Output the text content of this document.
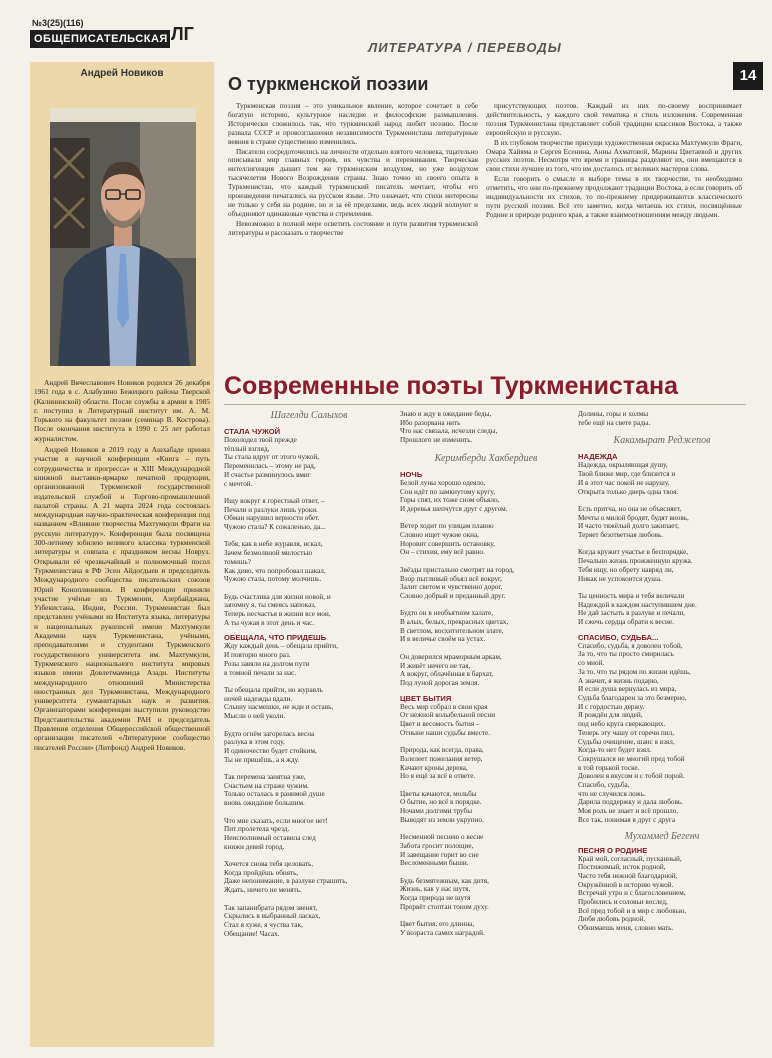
№3(25)(116)
ОБЩЕПИСАТЕЛЬСКАЯ ЛГ
ЛИТЕРАТУРА / ПЕРЕВОДЫ
14
Андрей Новиков

Андрей Вячеславович Новиков родился 26 декабря 1961 года в с. Алабузино Бежецкого района Тверской (Калининской) области. После службы в армии в 1985 г. поступил в Литературный институт им. А. М. Горького на факультет поэзии (семинар В. Кострова). После окончания института в 1990 г. 25 лет работал журналистом.

Андрей Новиков в 2019 году в Ашхабаде принял участие в научной конференции «Книга – путь сотрудничества и прогресса» и XIII Международной книжной выставки-ярмарке печатной продукции, организованной Туркменской государственной издательской службой и Торгово-промышленной палатой страны. А 21 марта 2024 года состоялась международная научно-практическая конференция под названием «Влияние творчества Махтумкули Фраги на русскую литературу». Конференция была посвящена 300-летнему юбилею великого классика туркменской литературы и совпала с праздником весны Новруз. Открывали её чрезвычайный и полномочный посол Туркменистана в РФ Эсен Айдогдыев и председатель Международного сообщества писательских союзов Юрий Коноплянников. В конференции приняли участие учёные из Туркмении, Азербайджана, Узбекистана, Индии, России. Туркменистан был представлен учёными из Института языка, литературы и национальных рукописей имени Махтумкули Академии наук Туркменистана, учёными, преподавателями и студентами Туркменского государственного университета им. Махтумкули, Туркменского национального института мировых языков имени Довлетмаммеда Азади. Институты международного отношений Министерства иностранных дел Туркменистана, Международного университета гуманитарных наук и развития. Организаторами конференции выступили руководство Представительства академии РАН и председатель Правления отделения Общероссийской общественной организации писателей «Литературное сообщество писателей России» (Литфонд) Андрей Новиков.

О туркменской поэзии

Туркменская поэзия – это уникальное явление, которое сочетает в себе богатую историю, культурное наследие и философские размышления. Исторически сложилось так, что туркменский народ любит поэзию. После развала СССР и провозглашения независимости Туркменистана литературные веяния в стране существенно изменились.

Писатели сосредоточились на личности отдельно взятого человека, тщательно описывали мир главных героев, их чувства и переживания. Творческая интеллигенция дышит тем же туркменским воздухом, но уже воздухом тысячелетия Нового Возрождения страны. Знаю точно из своего опыта в Туркменистан, что каждый туркменский писатель мечтает, чтобы его произведения печатались на русском языке. Это означает, что стихи интересны не только у себя на родине, но и за её пределами, ведь всех людей волнуют и объединяют одинаковые чувства и стремления.

Невозможно в полной мере осветить состояние и пути развития туркменской литературы и рассказать о творчестве

присутствующих поэтов. Каждый из них по-своему воспринимает действительность, у каждого свой тематика и стиль изложения. Современная поэзия Туркменистана представляет собой традиции классиков Востока, а также европейскую и русскую.

В их глубоком творчестве присущи художественная окраска Махтумкули Фраги, Омара Хайяма и Сергея Есенина, Анны Ахматовой, Марины Цветаевой и других русских поэтов. Несмотря что время и границы разделяют их, они вмещаются в свои стихи лучшее из того, что им досталось от великих мастеров слова.

Если говорить о смысле и выборе темы в их творчестве, то необходимо отметить, что они по-прежнему продолжают традиции Востока, а если говорить об индивидуальности их стихов, то по-прежнему придерживаются классического пути русской поэзии. Всё это заметно, когда читаешь их стихи, посвящённые Родине и природе родного края, а также взаимоотношениям между людьми.

Современные поэты Туркменистана
Шагелди Салыхов
СТАЛА ЧУЖОЙ
Похолодел твой прежде
тёплый взгляд,
Ты стала вдруг от этого чужой,
Переменилась – этому не рад,
И счастье разминулось вмиг
с мечтой.

Ищу вокруг я горестный ответ, –
Печали и разлуки лишь уроки.
Обман нарушил верности обет.
Чужою стала? К сожаленью, да...

Тебя, как в небе журавля, искал,
Зачем безмолвной милостью
томишь?
Как диво, что попробовал шакал,
Чужою стала, потому молчишь.

Будь счастлива для жизни новой, и
запомну я, ты смеясь напоказ,
Теперь несчастья в жизни все мои,
А ты чужая в этот день и час.
ОБЕЩАЛА, ЧТО ПРИДЕШЬ
Жду каждый день – обещала прийти,
И повторю много раз.
Розы завяли на долгом пути
в томной печали за нас.

Ты обещала прийти, но журавль
ночей надежды вдали.
Слышу насмешки, не жди и оставь,
Мысли о ней уколи.

Будто огнём загорелась весна
разлука в этом году,
И одиночество будет стойким,
Ты не пришёшь, а я жду.

Так перемена занятна уже,
Счастьем на страже чужим.
Только осталась в ранимой душе
вновь ожидание большим.

Что мне сказать, если многое нет!
Пит пролетела чрезд.
Неисполнимый оставила след
книжи девий город.

Хочется снова тебя целовать,
Когда пройдёшь обнять,
Даже непонимание, в разлуке страшить,
Ждать, ничего не менять.

Так запанибрата рядом звенят,
Скрылись в выбранный ласках,
Стал я хуже, я чуства так,
Обещание! Часах.
Знаю и жду в ожидание беды,
Ибо разорвана нить
Что нас связала, исчезли следы,
Прошлого не изменить.
Керимберди Хакбердиев
НОЧЬ
Белой луны хорошо одеяло,
Сон идёт по замкнутому кругу,
Горы спят, их тоже сном объяло,
И деревья шепчутся друг с другом.

Ветер ходит по улицам плавно
Словно ищет чужие окна,
Норовит совершить остановку,
Он – стихия, ему всё равно.

Звёзды пристально смотрят на город,
Взор пытливый объял всё вокруг,
Залит светом и чувственно дорог,
Словно добрый и преданный друг.

Будто он в необъятном халате,
В алых, белых, прекрасных цветах,
В светлом, восхитительном злате,
И в величье своём на устах.

Он доверился мраморным аркам,
И живёт ничего не тая,
А вокруг, облачённая в бархат,
Под луной дорогая земля.
ЦВЕТ БЫТИЯ
Весь мир собрал в свои края
От нежной колыбельной песни
Цвет и весомость бытия –
Отныне наши судьбы вместе.

Природа, как всегда, права,
Взлелеет пожелания ветер,
Качают кроны дерева,
Но я ещё за всё в ответе.

Цветы качаются, мольбы
О бытие, но всё в порядке.
Ночами долгими трубы
Выводят из земли укрупно.

Несменной песнею о весне
Забота гросит полощие,
И завещание горит во сне
Весломенными быши.

Будь безмятежным, как дитя,
Жизнь, как у нас шутя,
Когда природа не шутя
Прорвёт стоптан тоном духу.

Цвет бытия, его длинна,
У возраста самих наградой.
Долины, горы и холмы
тебе ещё на свете рады.
Какамырат Реджепов
НАДЕЖДА
Надежда, окрыляющая душу,
Твой ближе мир, где близится и
И в этот час покой не нарушу,
Открыта только дверь одна твоя.

Есть притча, но она не объясняет,
Мечты о милой бродят, будят вновь,
И часто тяжёлый долго закипает,
Теряет безответная любовь.

Когда кружит участье в беспорядке,
Печально жизнь прожженную кружа.
Тебя ищу, но обрету навряд ли,
Никак не успокоится душа.

Ты ценность мира и тебя величали
Надеждой в каждом наступившем дне.
Не дай застыть в разлуке и печали,
И сжечь сердца обрати к весне.
СПАСИБО, СУДЬБА...
Спасибо, судьба, я доволен тобой,
За то, что ты просто смирилась
со мной.
За то, что ты рядом по жизни идёшь,
А значит, я жизнь подарю,
И если душа вернулась из мира,
Судьба благодарен за это безмерно,
И с гордостью держу.
Я рождён для людей,
под небо круга сверкающих.
Теперь эту чашу от горечи пил,
Судьбы очищение, шанс я взял,
Когда-то нет будет взял.
Сокрушался не многий пред тобой
в той горькой тоске.
Доволен я вкусом и с тобой порой.
Спасибо, судьба,
что не случился ложь.
Дарила поддержку и дала любовь.
Моя роль не знает и всё прошло,
Все так, понимая в друг с друга
Мухаммед Бегенч
ПЕСНЯ О РОДИНЕ
Край мой, согласный, пусканный,
Постижимый, исток родной,
Часто тебя нежной благодарной,
Окружённой в историю чужой.
Встречай утро и с благословением,
Пробились и соловьи вослед,
Всё пред тобой и в мир с любовью,
Любя любовь родной.
Обнимаешь меня, словно мать.
